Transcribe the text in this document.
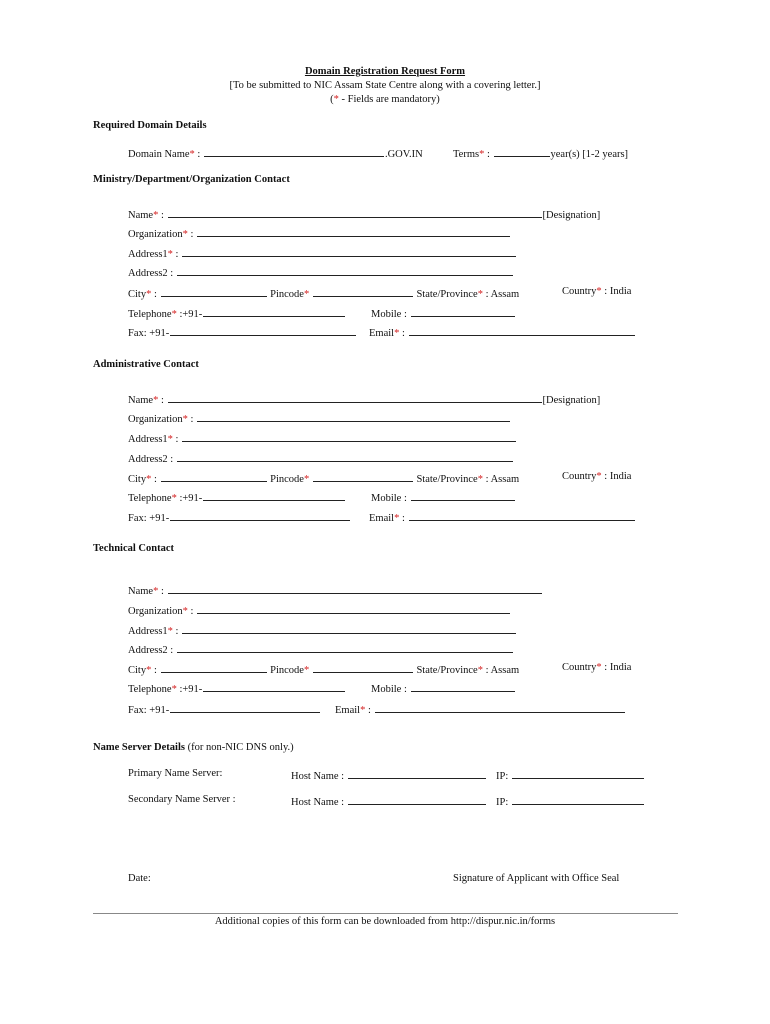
Domain Registration Request Form
[To be submitted to NIC Assam State Centre along with a covering letter.]
(* - Fields are mandatory)
Required Domain Details
Domain Name* :	.GOV.IN	Terms* :	year(s) [1-2 years]
Ministry/Department/Organization Contact
Name* :	[Designation]
Organization* :
Address1* :
Address2 :
City* :	Pincode*	State/Province* : Assam	Country* : India
Telephone* :+91-	Mobile :
Fax: +91-	Email* :
Administrative Contact
Name* :	[Designation]
Organization* :
Address1* :
Address2 :
City* :	Pincode*	State/Province* : Assam	Country* : India
Telephone* :+91-	Mobile :
Fax: +91-	Email* :
Technical Contact
Name* :
Organization* :
Address1* :
Address2 :
City* :	Pincode*	State/Province* : Assam	Country* : India
Telephone* :+91-	Mobile :
Fax: +91-	Email* :
Name Server Details (for non-NIC DNS only.)
Primary Name Server:	Host Name :	IP:
Secondary Name Server :	Host Name :	IP:
Date:	Signature of Applicant with Office Seal
Additional copies of this form can be downloaded from http://dispur.nic.in/forms
